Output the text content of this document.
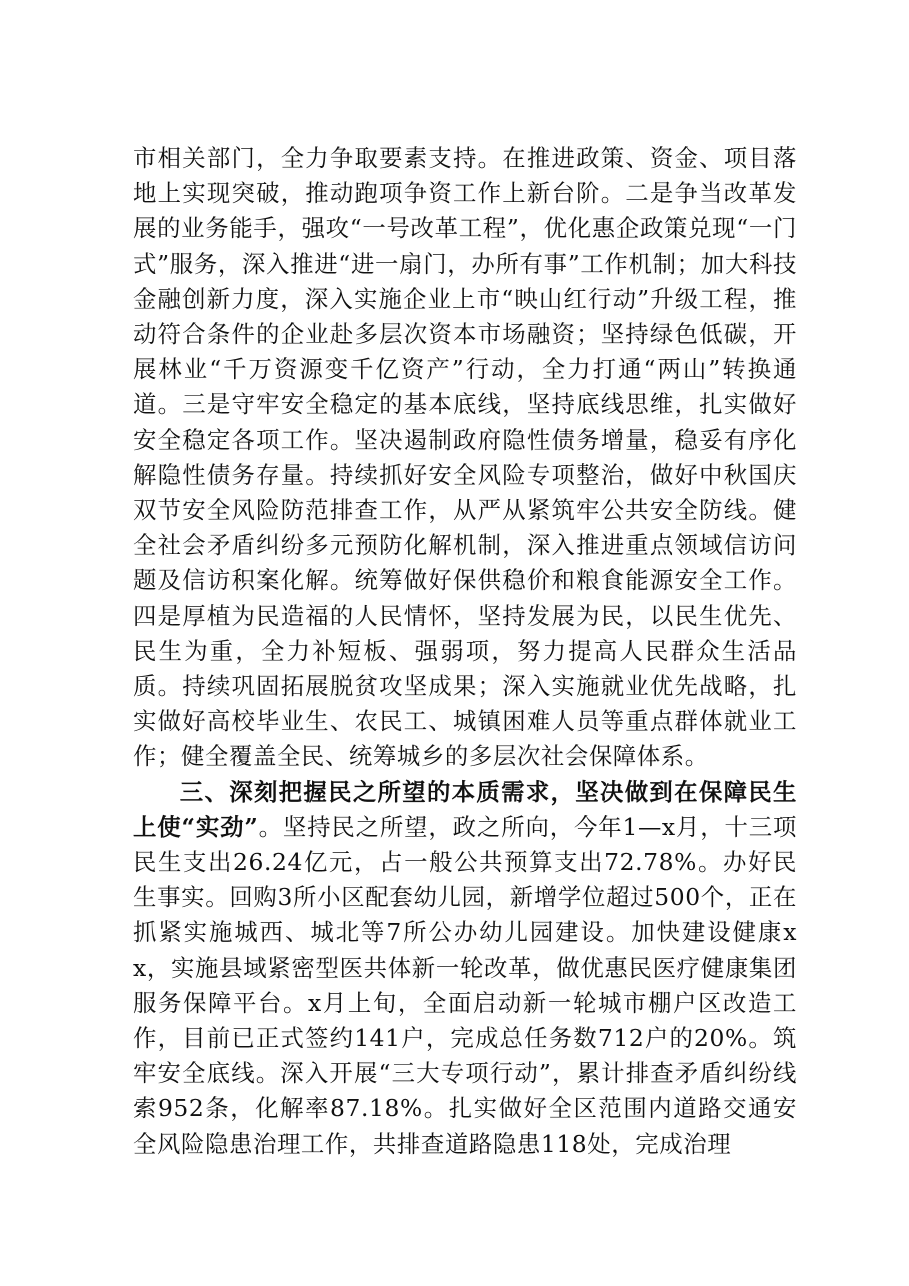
市相关部门，全力争取要素支持。在推进政策、资金、项目落地上实现突破，推动跑项争资工作上新台阶。二是争当改革发展的业务能手，强攻“一号改革工程”，优化惠企政策兑现“一门式”服务，深入推进“进一扇门，办所有事”工作机制；加大科技金融创新力度，深入实施企业上市“映山红行动”升级工程，推动符合条件的企业赴多层次资本市场融资；坚持绿色低碳，开展林业“千万资源变千亿资产”行动，全力打通“两山”转换通道。三是守牢安全稳定的基本底线，坚持底线思维，扎实做好安全稳定各项工作。坚决遏制政府隐性债务增量，稳妥有序化解隐性债务存量。持续抓好安全风险专项整治，做好中秋国庆双节安全风险防范排查工作，从严从紧筑牢公共安全防线。健全社会矛盾纠纷多元预防化解机制，深入推进重点领域信访问题及信访积案化解。统筹做好保供稳价和粮食能源安全工作。四是厚植为民造福的人民情怀，坚持发展为民，以民生优先、民生为重，全力补短板、强弱项，努力提高人民群众生活品质。持续巩固拓展脱贫攻坚成果；深入实施就业优先战略，扎实做好高校毕业生、农民工、城镇困难人员等重点群体就业工作；健全覆盖全民、统筹城乡的多层次社会保障体系。

三、深刻把握民之所望的本质需求，坚决做到在保障民生上使“实劲”。坚持民之所望，政之所向，今年1—x月，十三项民生支出26.24亿元，占一般公共预算支出72.78%。办好民生事实。回购3所小区配套幼儿园，新增学位超过500个，正在抓紧实施城西、城北等7所公办幼儿园建设。加快建设健康xx，实施县域紧密型医共体新一轮改革，做优惠民医疗健康集团服务保障平台。x月上旬，全面启动新一轮城市棚户区改造工作，目前已正式签约141户，完成总任务数712户的20%。筑牢安全底线。深入开展“三大专项行动”，累计排查矛盾纠纷线索952条，化解率87.18%。扎实做好全区范围内道路交通安全风险隐患治理工作，共排查道路隐患118处，完成治理
